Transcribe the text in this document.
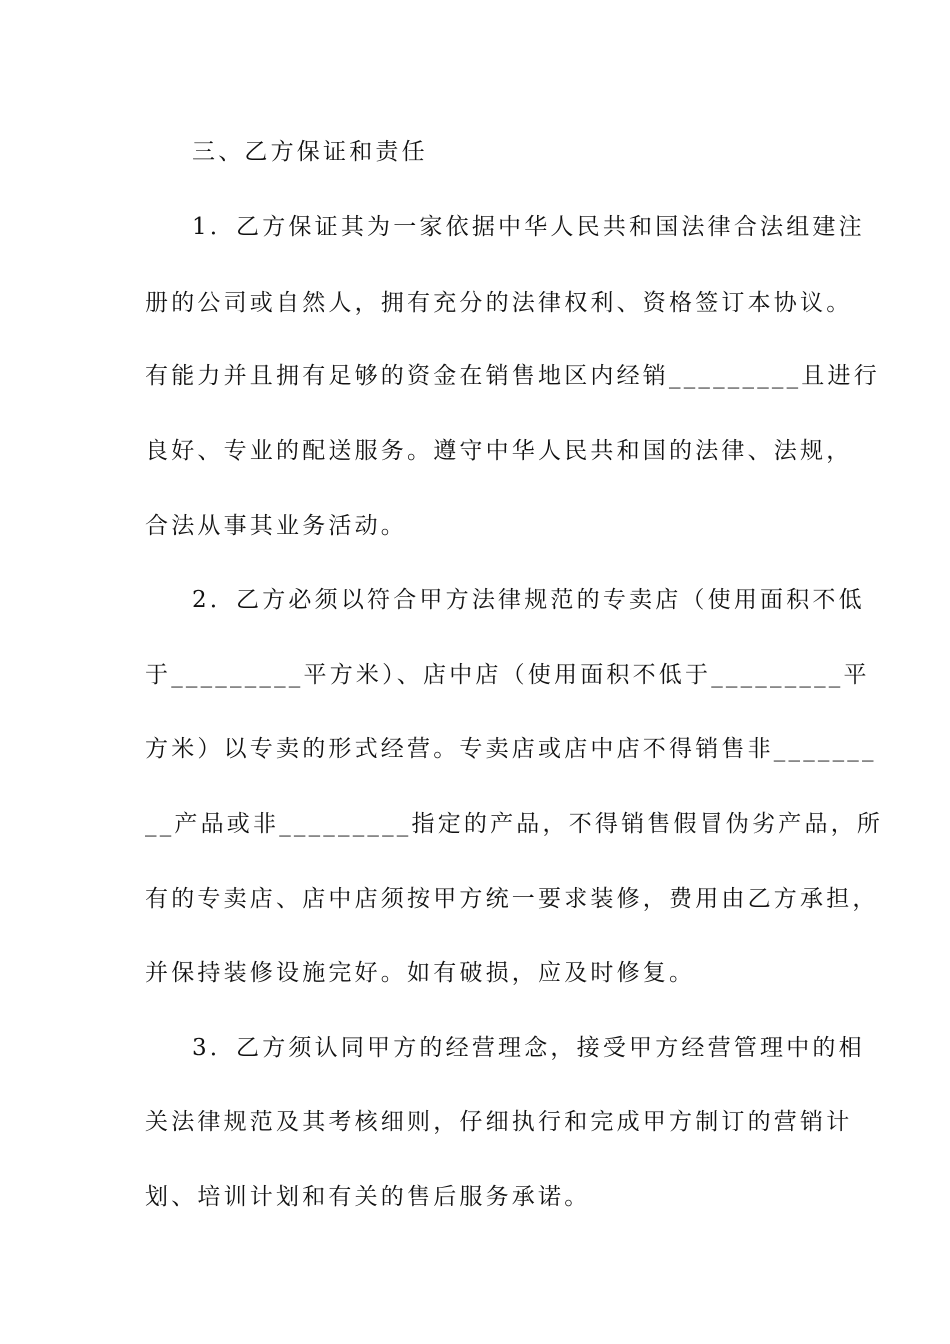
三、乙方保证和责任
1．乙方保证其为一家依据中华人民共和国法律合法组建注
册的公司或自然人，拥有充分的法律权利、资格签订本协议。
有能力并且拥有足够的资金在销售地区内经销_________且进行
良好、专业的配送服务。遵守中华人民共和国的法律、法规，
合法从事其业务活动。
2．乙方必须以符合甲方法律规范的专卖店（使用面积不低
于_________平方米）、店中店（使用面积不低于_________平
方米）以专卖的形式经营。专卖店或店中店不得销售非_______
__产品或非_________指定的产品，不得销售假冒伪劣产品，所
有的专卖店、店中店须按甲方统一要求装修，费用由乙方承担，
并保持装修设施完好。如有破损，应及时修复。
3．乙方须认同甲方的经营理念，接受甲方经营管理中的相
关法律规范及其考核细则，仔细执行和完成甲方制订的营销计
划、培训计划和有关的售后服务承诺。
